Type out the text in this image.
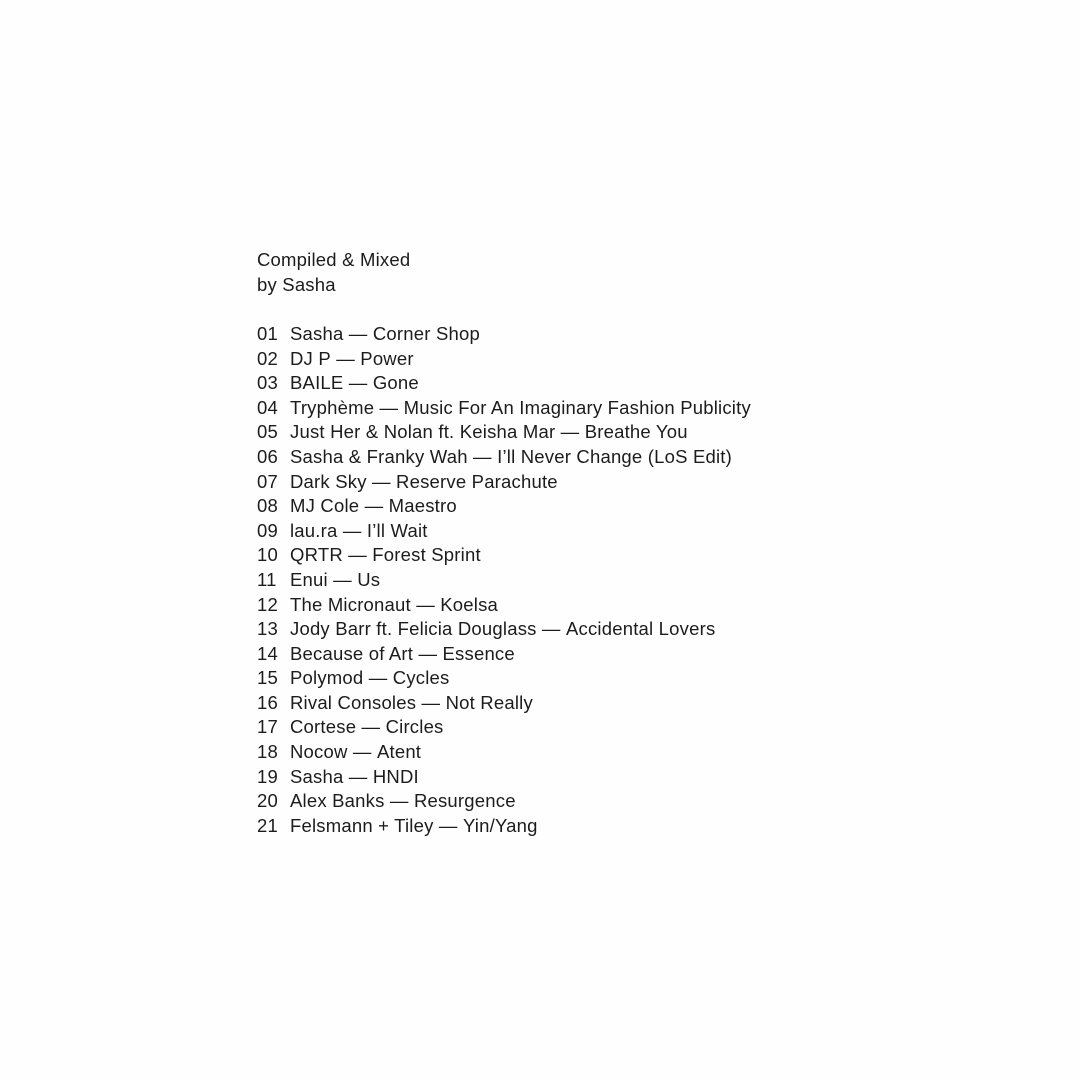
Compiled & Mixed
by Sasha
01 Sasha — Corner Shop
02 DJ P — Power
03 BAILE — Gone
04 Tryphème — Music For An Imaginary Fashion Publicity
05 Just Her & Nolan ft. Keisha Mar — Breathe You
06 Sasha & Franky Wah — I’ll Never Change (LoS Edit)
07 Dark Sky — Reserve Parachute
08 MJ Cole — Maestro
09 lau.ra — I’ll Wait
10 QRTR — Forest Sprint
11 Enui — Us
12 The Micronaut — Koelsa
13 Jody Barr ft. Felicia Douglass — Accidental Lovers
14 Because of Art — Essence
15 Polymod — Cycles
16 Rival Consoles — Not Really
17 Cortese — Circles
18 Nocow — Atent
19 Sasha — HNDI
20 Alex Banks — Resurgence
21 Felsmann + Tiley — Yin/Yang
